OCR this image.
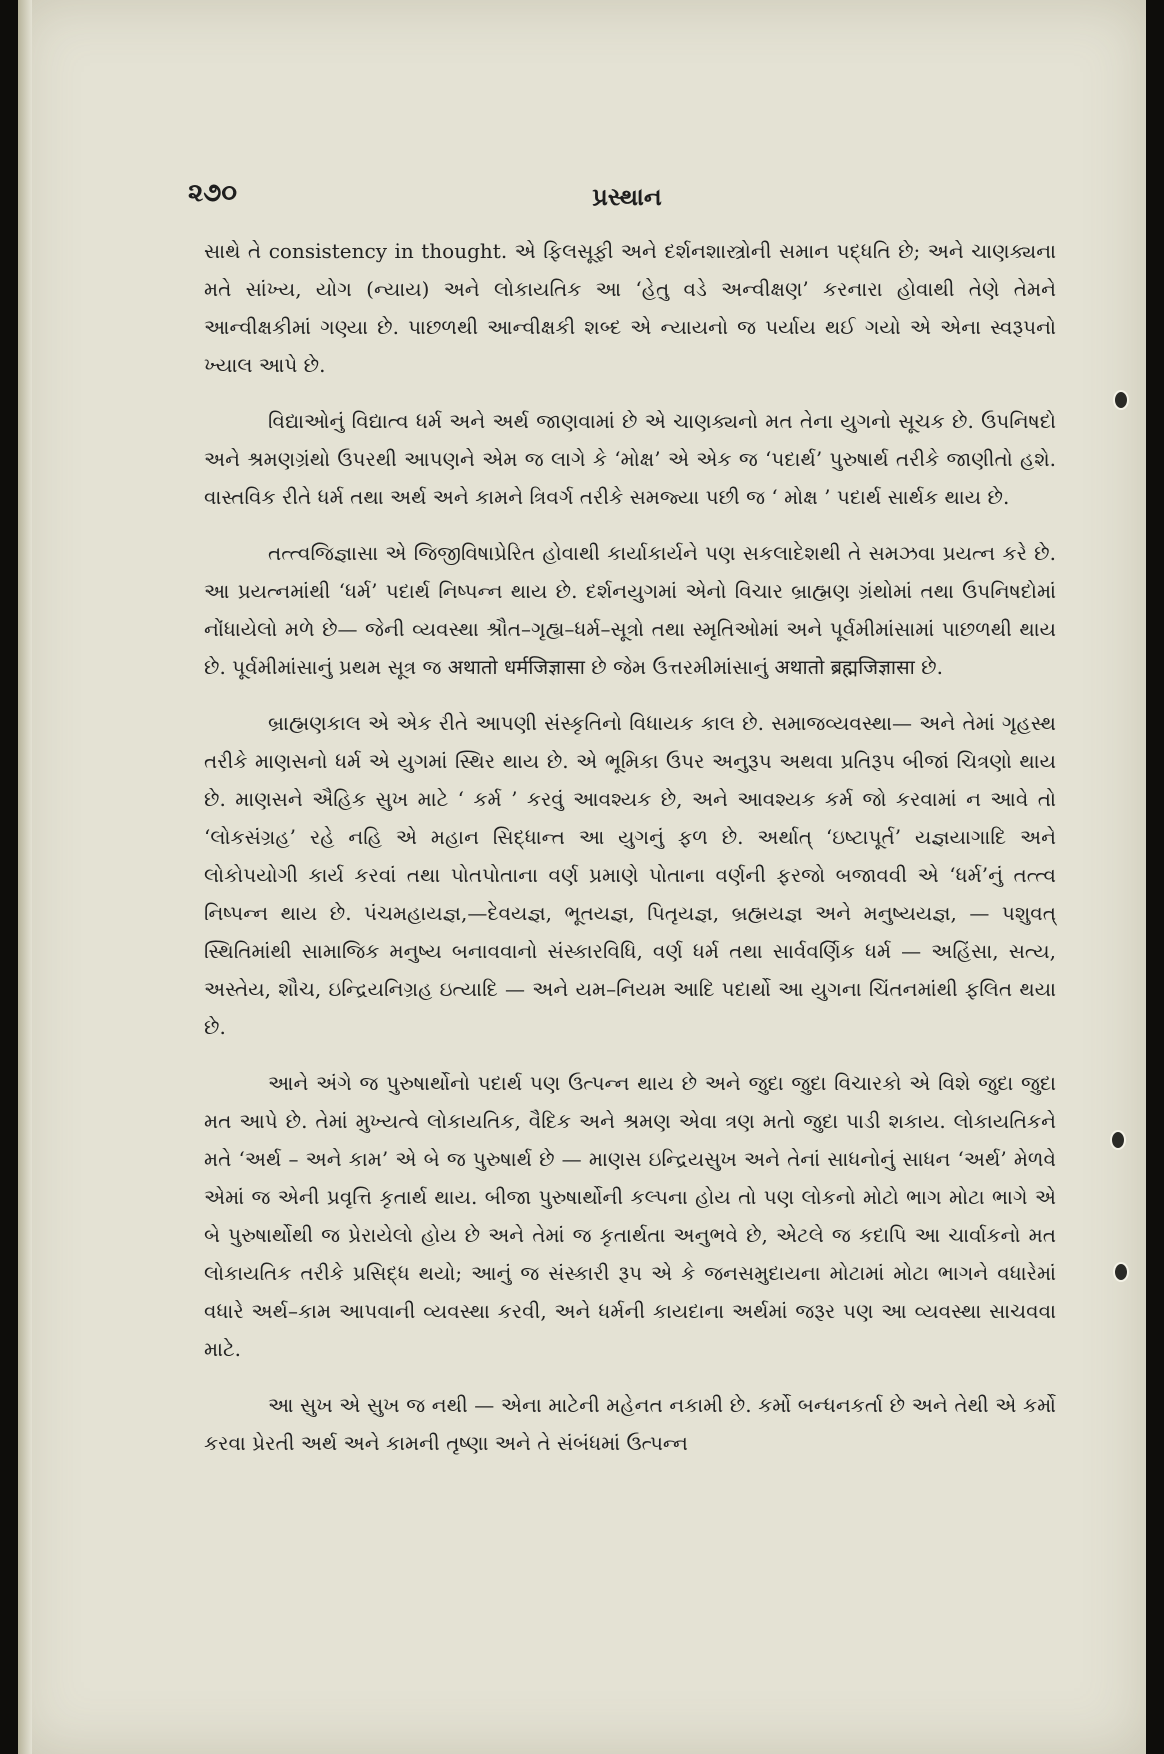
૨૭૦	પ્રસ્થાન

સાથે તે consistency in thought. એ ફિલસૂફી અને દર્શનશાસ્ત્રોની સમાન પદ્ધતિ છે; અને ચાણક્યના મતે સાંખ્ય, યોગ (ન્યાય) અને લોકાયતિક આ ‘હેતુ વડે અન્વીક્ષણ’ કરનારા હોવાથી તેણે તેમને આન્વીક્ષકીમાં ગણ્યા છે. પાછળથી આન્વીક્ષકી શબ્દ એ ન્યાયનો જ પર્યાય થઈ ગયો એ એના સ્વરૂપનો ખ્યાલ આપે છે.

વિદ્યાઓનું વિદ્યાત્વ ધર્મ અને અર્થ જાણવામાં છે એ ચાણક્યનો મત તેના યુગનો સૂચક છે. ઉપનિષદો અને શ્રમણગ્રંથો ઉપરથી આપણને એમ જ લાગે કે ‘મોક્ષ’ એ એક જ ‘પદાર્થ’ પુરુષાર્થ તરીકે જાણીતો હશે. વાસ્તવિક રીતે ધર્મ તથા અર્થ અને કામને ત્રિવર્ગ તરીકે સમજ્યા પછી જ ‘ મોક્ષ ’ પદાર્થ સાર્થક થાય છે.

તત્ત્વજિજ્ઞાસા એ જિજીવિષાપ્રેરિત હોવાથી કાર્યાકાર્યને પણ સકલાદેશથી તે સમઝવા પ્રયત્ન કરે છે. આ પ્રયત્નમાંથી ‘ધર્મ’ પદાર્થ નિષ્પન્ન થાય છે. દર્શનયુગમાં એનો વિચાર બ્રાહ્મણ ગ્રંથોમાં તથા ઉપનિષદોમાં નોંધાયેલો મળે છે— જેની વ્યવસ્થા શ્રૌત–ગૃહ્ય–ધર્મ–સૂત્રો તથા સ્મૃતિઓમાં અને પૂર્વમીમાંસામાં પાછળથી થાય છે. પૂર્વમીમાંસાનું પ્રથમ સૂત્ર જ अथातो धर्मजिज्ञासा છે જેમ ઉત્તરમીમાંસાનું अथातो ब्रह्मजिज्ञासा છે.

બ્રાહ્મણકાલ એ એક રીતે આપણી સંસ્કૃતિનો વિધાયક કાલ છે. સમાજવ્યવસ્થા— અને તેમાં ગૃહસ્થ તરીકે માણસનો ધર્મ એ યુગમાં સ્થિર થાય છે. એ ભૂમિકા ઉપર અનુરૂપ અથવા પ્રતિરૂપ બીજાં ચિત્રણો થાય છે. માણસને ઐહિક સુખ માટે ‘ કર્મ ’ કરવું આવશ્યક છે, અને આવશ્યક કર્મ જો કરવામાં ન આવે તો ‘લોકસંગ્રહ’ રહે નહિ એ મહાન સિદ્ધાન્ત આ યુગનું ફળ છે. અર્થાત્ ‘ઇષ્ટાપૂર્ત’ યજ્ઞયાગાદિ અને લોકોપયોગી કાર્ય કરવાં તથા પોતપોતાના વર્ણ પ્રમાણે પોતાના વર્ણની ફરજો બજાવવી એ ‘ધર્મ’નું તત્ત્વ નિષ્પન્ન થાય છે. પંચમહાયજ્ઞ,—દેવયજ્ઞ, ભૂતયજ્ઞ, પિતૃયજ્ઞ, બ્રહ્મયજ્ઞ અને મનુષ્યયજ્ઞ, — પશુવત્ સ્થિતિમાંથી સામાજિક મનુષ્ય બનાવવાનો સંસ્કારવિધિ, વર્ણ ધર્મ તથા સાર્વવર્ણિક ધર્મ — અહિંસા, સત્ય, અસ્તેય, શૌચ, ઇન્દ્રિયનિગ્રહ ઇત્યાદિ — અને યમ–નિયમ આદિ પદાર્થો આ યુગના ચિંતનમાંથી ફલિત થયા છે.

આને અંગે જ પુરુષાર્થોનો પદાર્થ પણ ઉત્પન્ન થાય છે અને જુદા જુદા વિચારકો એ વિશે જુદા જુદા મત આપે છે. તેમાં મુખ્યત્વે લોકાયતિક, વૈદિક અને શ્રમણ એવા ત્રણ મતો જુદા પાડી શકાય. લોકાયતિકને મતે ‘અર્થ – અને કામ’ એ બે જ પુરુષાર્થ છે — માણસ ઇન્દ્રિયસુખ અને તેનાં સાધનોનું સાધન ‘અર્થ’ મેળવે એમાં જ એની પ્રવૃત્તિ કૃતાર્થ થાય. બીજા પુરુષાર્થોની કલ્પના હોય તો પણ લોકનો મોટો ભાગ મોટા ભાગે એ બે પુરુષાર્થોથી જ પ્રેરાયેલો હોય છે અને તેમાં જ કૃતાર્થતા અનુભવે છે, એટલે જ કદાપિ આ ચાર્વાકનો મત લોકાયતિક તરીકે પ્રસિદ્ધ થયો; આનું જ સંસ્કારી રૂપ એ કે જનસમુદાયના મોટામાં મોટા ભાગને વધારેમાં વધારે અર્થ–કામ આપવાની વ્યવસ્થા કરવી, અને ધર્મની કાયદાના અર્થમાં જરૂર પણ આ વ્યવસ્થા સાચવવા માટે.

આ સુખ એ સુખ જ નથી — એના માટેની મહેનત નકામી છે. કર્મો બન્ધનકર્તા છે અને તેથી એ કર્મો કરવા પ્રેરતી અર્થ અને કામની તૃષ્ણા અને તે સંબંધમાં ઉત્પન્ન
